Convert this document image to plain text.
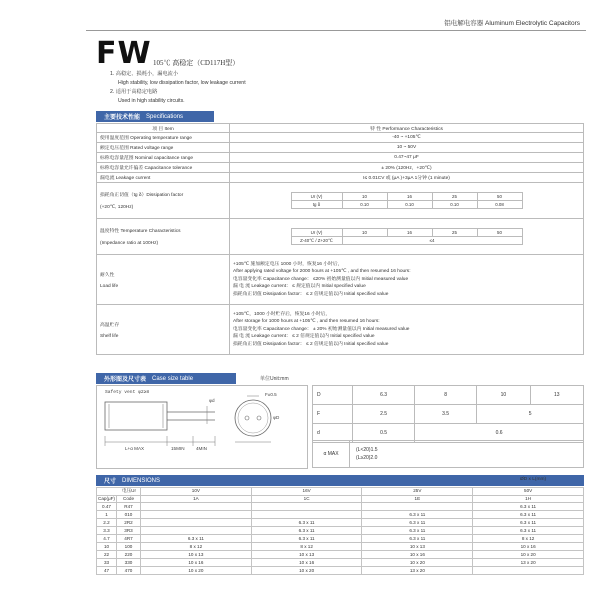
铝电解电容器 Aluminum Electrolytic Capacitors
FW 105℃ 高稳定（CD117H型）
1. 高稳定、损耗小，漏电流小
High stability, low dissipation factor, low leakage current
2. 适用于高稳定电路
Used in high stability circuits.
主要技术性能 Specifications
项 目 Item	特 性 Performance Characteristics
使用温度范围 Operating temperature range	-40 ~ +105℃
额定电压范围 Rated voltage range	10 ~ 50V
标称电容量范围 Nominal capacitance range	0.47~47 μF
标称电容量允许偏差 Capacitance tolerance	± 20% (120Hz，+20℃)
漏电流 Leakage current	I≤ 0.01CV 或 (μA )+3μA 1分钟 (1 minute)

损耗角正切值（tg δ）Dissipation factor
(+20℃, 120Hz)

Ur (V)	10	16	25	50
tg δ	0.10	0.10	0.10	0.08

温度特性 Temperature Characteristics
(Impedance ratio at 100Hz)

Ur (V)	10	16	25	50
Z-40℃ / Z+20℃	≤4

耐久性
Load life

+105℃ 施加额定电压 1000 小时，恢复16 小时后，
After applying rated voltage for 2000 hours at +105℃ , and then resumed 16 hours:
电容量变化率 Capacitance change： ≤20% 初始测量值以内 Initial measured value
漏 电 流 Leakage current： ≤ 规定值以内 Initial specified value
损耗角正切值 Dissipation factor： ≤ 2 倍规定值以内 Initial specified value

高温贮存
Shelf life

+105℃，1000 小时贮存后，恢复16 小时后，
After storage for 1000 hours at +105℃ , and then resumed 16 hours:
电容量变化率 Capacitance change： ± 20% 初始测量值以内 Initial measured value
漏 电 流 Leakage current： ≤ 2 倍规定值以内 Initial specified value
损耗角正切值 Dissipation factor： ≤ 2 倍规定值以内 Initial specified value
外形图及尺寸表 Case size table	单位Unit:mm
Safety vent φ2≥8
φd
φD
F±0.5
L+α MAX	15MIN 4MIN
D	6.3	8	10	13
F	2.5	3.5	5	
d	0.5	0.6		
α MAX	
(L<20)1.5
(L≥20)2.0
尺寸 DIMENSIONS	ØD x L(mm)
电压Ur		10V	16V	25V	50V
Cap(μF)	Code	1A	1C	1E	1H
0.47	R47				6.3 x 11
1	010			6.3 x 11	6.3 x 11
2.2	2R2		6.3 x 11	6.3 x 11	6.3 x 11
3.3	3R3		6.3 x 11	6.3 x 11	6.3 x 11
4.7	4R7	6.3 x 11	6.3 x 11	6.3 x 11	8 x 12
10	100	8 x 12	8 x 12	10 x 13	10 x 16
22	220	10 x 13	10 x 13	10 x 16	10 x 20
33	330	10 x 16	10 x 16	10 x 20	13 x 20
47	470	10 x 20	10 x 20	13 x 20	
